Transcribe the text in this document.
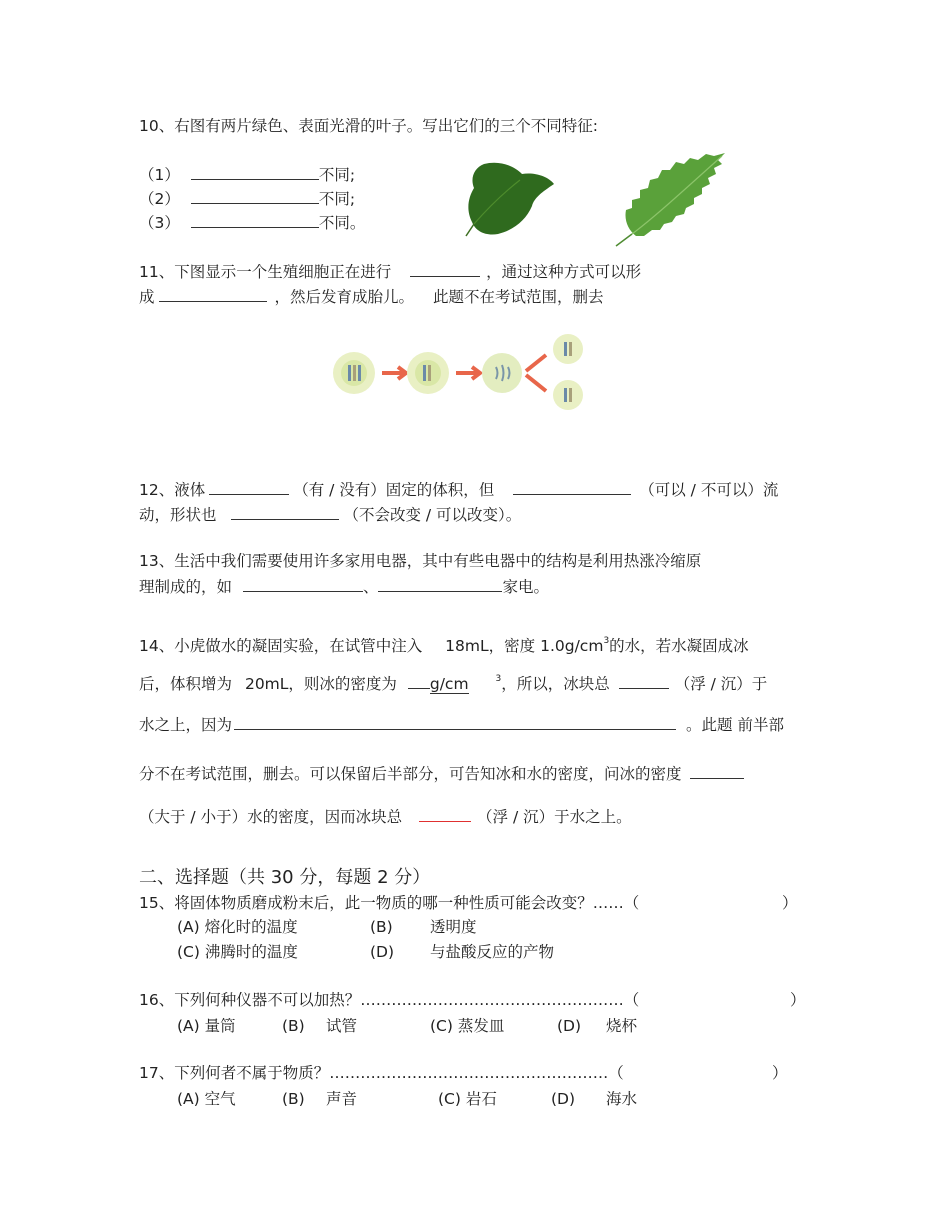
10、右图有两片绿色、表面光滑的叶子。写出它们的三个不同特征:
（1）	不同;
（2）	不同;
（3）	不同。
11、下图显示一个生殖细胞正在进行	，通过这种方式可以形
成	，然后发育成胎儿。 此题不在考试范围，删去
12、液体	（有 / 没有）固定的体积，但	（可以 / 不可以）流
动，形状也	（不会改变 / 可以改变）。
13、生活中我们需要使用许多家用电器，其中有些电器中的结构是利用热涨冷缩原
理制成的，如	、	家电。
14、小虎做水的凝固实验，在试管中注入 18mL，密度 $1.0g/cm^3$的水，若水凝固成冰
后，体积增为 20mL，则冰的密度为 g/cm	$^3$，所以，冰块总	（浮 / 沉）于
水之上，因为	。此题 前半部
分不在考试范围，删去。可以保留后半部分，可告知冰和水的密度，问冰的密度
（大于 / 小于）水的密度，因而冰块总	（浮 / 沉）于水之上。
二、选择题（共 30 分，每题 2 分）
15、将固体物质磨成粉末后，此一物质的哪一种性质可能会改变？……（	）
(A) 熔化时的温度	(B) 透明度
(C) 沸腾时的温度	(D) 与盐酸反应的产物
16、下列何种仪器不可以加热？……………………………………………（	）
(A) 量筒	(B) 试管	(C) 蒸发皿	(D) 烧杯
17、下列何者不属于物质？………………………………………………（	）
(A) 空气	(B) 声音	(C) 岩石	(D) 海水
